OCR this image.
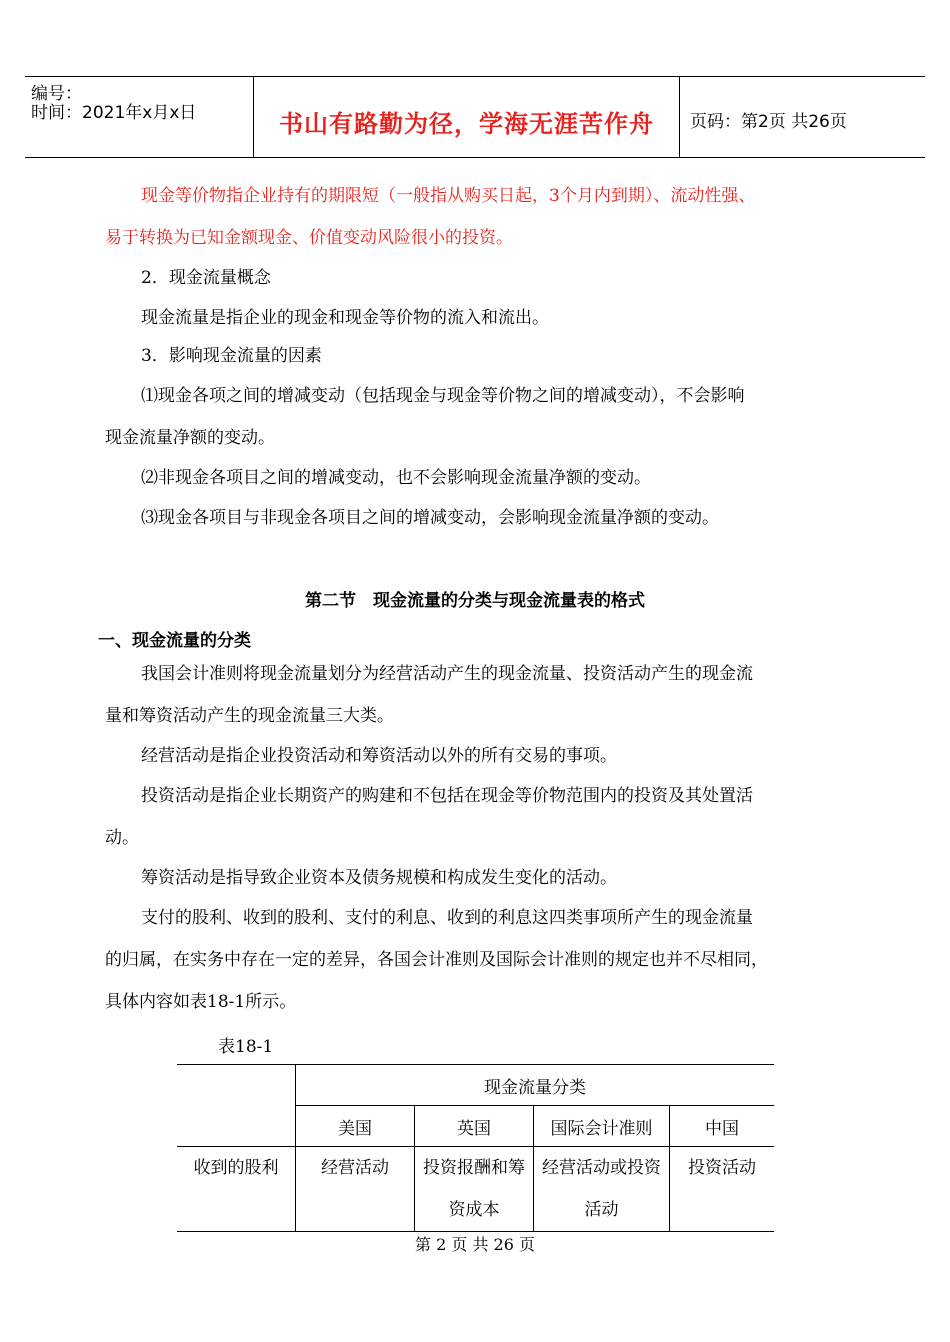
编号：
时间：2021年x月x日	书山有路勤为径，学海无涯苦作舟	页码：第2页 共26页
现金等价物指企业持有的期限短（一般指从购买日起，3个月内到期）、流动性强、
易于转换为已知金额现金、价值变动风险很小的投资。
2．现金流量概念
现金流量是指企业的现金和现金等价物的流入和流出。
3．影响现金流量的因素
⑴现金各项之间的增减变动（包括现金与现金等价物之间的增减变动），不会影响
现金流量净额的变动。
⑵非现金各项目之间的增减变动，也不会影响现金流量净额的变动。
⑶现金各项目与非现金各项目之间的增减变动，会影响现金流量净额的变动。
第二节　现金流量的分类与现金流量表的格式
一、现金流量的分类
我国会计准则将现金流量划分为经营活动产生的现金流量、投资活动产生的现金流
量和筹资活动产生的现金流量三大类。
经营活动是指企业投资活动和筹资活动以外的所有交易的事项。
投资活动是指企业长期资产的购建和不包括在现金等价物范围内的投资及其处置活
动。
筹资活动是指导致企业资本及债务规模和构成发生变化的活动。
支付的股利、收到的股利、支付的利息、收到的利息这四类事项所产生的现金流量
的归属，在实务中存在一定的差异，各国会计准则及国际会计准则的规定也并不尽相同，
具体内容如表18-1所示。
表18-1
	现金流量分类			
	美国	英国	国际会计准则	中国
收到的股利	经营活动	投资报酬和筹资成本	经营活动或投资活动	投资活动
第 2 页 共 26 页
